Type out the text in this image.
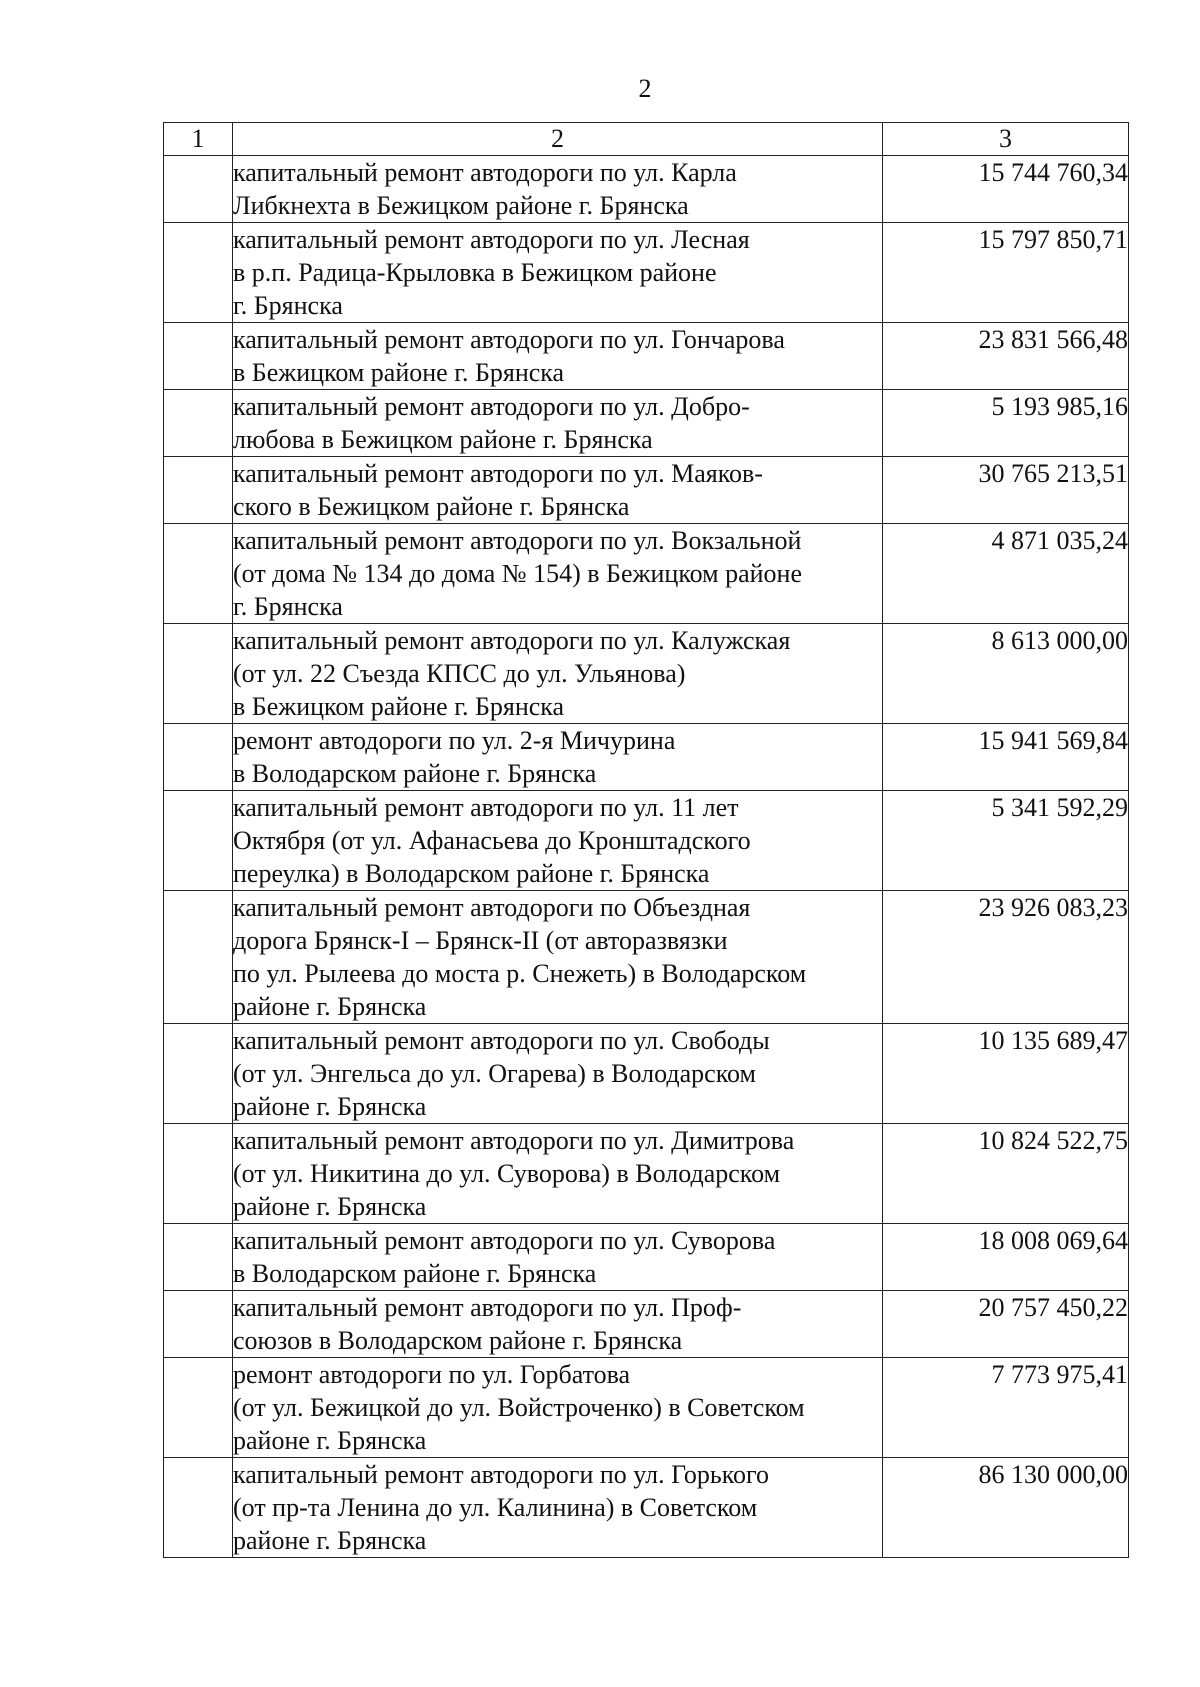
2
1	2	3
	капитальный ремонт автодороги по ул. Карла
Либкнехта в Бежицком районе г. Брянска	15 744 760,34
	капитальный ремонт автодороги по ул. Лесная
в р.п. Радица-Крыловка в Бежицком районе
г. Брянска	15 797 850,71
	капитальный ремонт автодороги по ул. Гончарова
в Бежицком районе г. Брянска	23 831 566,48
	капитальный ремонт автодороги по ул. Добро-
любова в Бежицком районе г. Брянска	5 193 985,16
	капитальный ремонт автодороги по ул. Маяков-
ского в Бежицком районе г. Брянска	30 765 213,51
	капитальный ремонт автодороги по ул. Вокзальной
(от дома № 134 до дома № 154) в Бежицком районе
г. Брянска	4 871 035,24
	капитальный ремонт автодороги по ул. Калужская
(от ул. 22 Съезда КПСС до ул. Ульянова)
в Бежицком районе г. Брянска	8 613 000,00
	ремонт автодороги по ул. 2-я Мичурина
в Володарском районе г. Брянска	15 941 569,84
	капитальный ремонт автодороги по ул. 11 лет
Октября (от ул. Афанасьева до Кронштадского
переулка) в Володарском районе г. Брянска	5 341 592,29
	капитальный ремонт автодороги по Объездная
дорога Брянск-I – Брянск-II (от авторазвязки
по ул. Рылеева до моста р. Снежеть) в Володарском
районе г. Брянска	23 926 083,23
	капитальный ремонт автодороги по ул. Свободы
(от ул. Энгельса до ул. Огарева) в Володарском
районе г. Брянска	10 135 689,47
	капитальный ремонт автодороги по ул. Димитрова
(от ул. Никитина до ул. Суворова) в Володарском
районе г. Брянска	10 824 522,75
	капитальный ремонт автодороги по ул. Суворова
в Володарском районе г. Брянска	18 008 069,64
	капитальный ремонт автодороги по ул. Проф-
союзов в Володарском районе г. Брянска	20 757 450,22
	ремонт автодороги по ул. Горбатова
(от ул. Бежицкой до ул. Войстроченко) в Советском
районе г. Брянска	7 773 975,41
	капитальный ремонт автодороги по ул. Горького
(от пр-та Ленина до ул. Калинина) в Советском
районе г. Брянска	86 130 000,00
